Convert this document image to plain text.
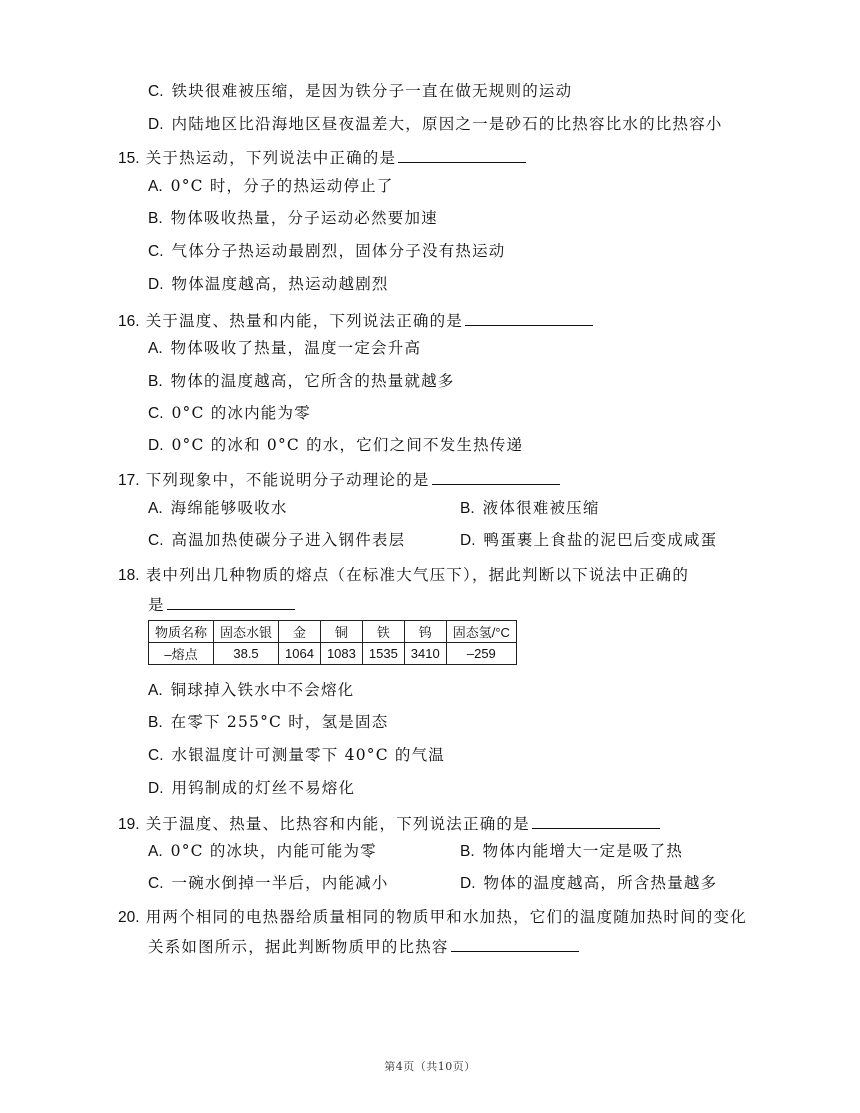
C. 铁块很难被压缩，是因为铁分子一直在做无规则的运动
D. 内陆地区比沿海地区昼夜温差大，原因之一是砂石的比热容比水的比热容小
15. 关于热运动，下列说法中正确的是
A. 0°C 时，分子的热运动停止了
B. 物体吸收热量，分子运动必然要加速
C. 气体分子热运动最剧烈，固体分子没有热运动
D. 物体温度越高，热运动越剧烈
16. 关于温度、热量和内能，下列说法正确的是
A. 物体吸收了热量，温度一定会升高
B. 物体的温度越高，它所含的热量就越多
C. 0°C 的冰内能为零
D. 0°C 的冰和 0°C 的水，它们之间不发生热传递
17. 下列现象中，不能说明分子动理论的是
A. 海绵能够吸收水	B. 液体很难被压缩
C. 高温加热使碳分子进入钢件表层	D. 鸭蛋裹上食盐的泥巴后变成咸蛋
18. 表中列出几种物质的熔点（在标准大气压下），据此判断以下说法中正确的
是
物质名称	固态水银	金	铜	铁	钨	固态氢/°C
–熔点	38.5	1064	1083	1535	3410	–259
A. 铜球掉入铁水中不会熔化
B. 在零下 255°C 时，氢是固态
C. 水银温度计可测量零下 40°C 的气温
D. 用钨制成的灯丝不易熔化
19. 关于温度、热量、比热容和内能，下列说法正确的是
A. 0°C 的冰块，内能可能为零	B. 物体内能增大一定是吸了热
C. 一碗水倒掉一半后，内能减小	D. 物体的温度越高，所含热量越多
20. 用两个相同的电热器给质量相同的物质甲和水加热，它们的温度随加热时间的变化
关系如图所示，据此判断物质甲的比热容
第4页（共10页）
